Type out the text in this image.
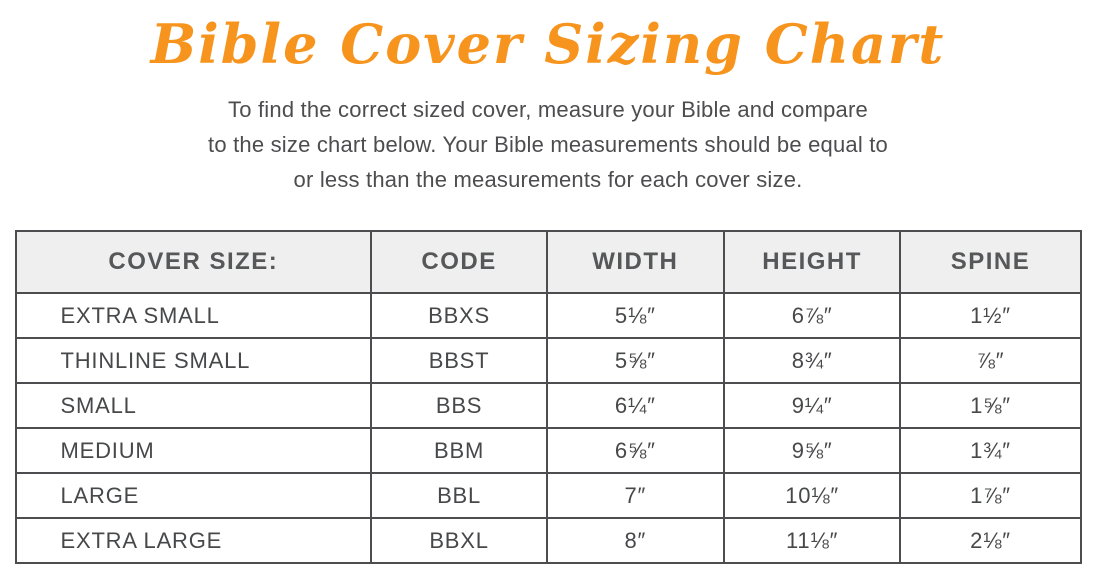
Bible Cover Sizing Chart
To find the correct sized cover, measure your Bible and compare
to the size chart below. Your Bible measurements should be equal to
or less than the measurements for each cover size.
COVER SIZE:	CODE	WIDTH	HEIGHT	SPINE
EXTRA SMALL	BBXS	5⅛″	6⅞″	1½″
THINLINE SMALL	BBST	5⅝″	8¾″	⅞″
SMALL	BBS	6¼″	9¼″	1⅝″
MEDIUM	BBM	6⅝″	9⅝″	1¾″
LARGE	BBL	7″	10⅛″	1⅞″
EXTRA LARGE	BBXL	8″	11⅛″	2⅛″
